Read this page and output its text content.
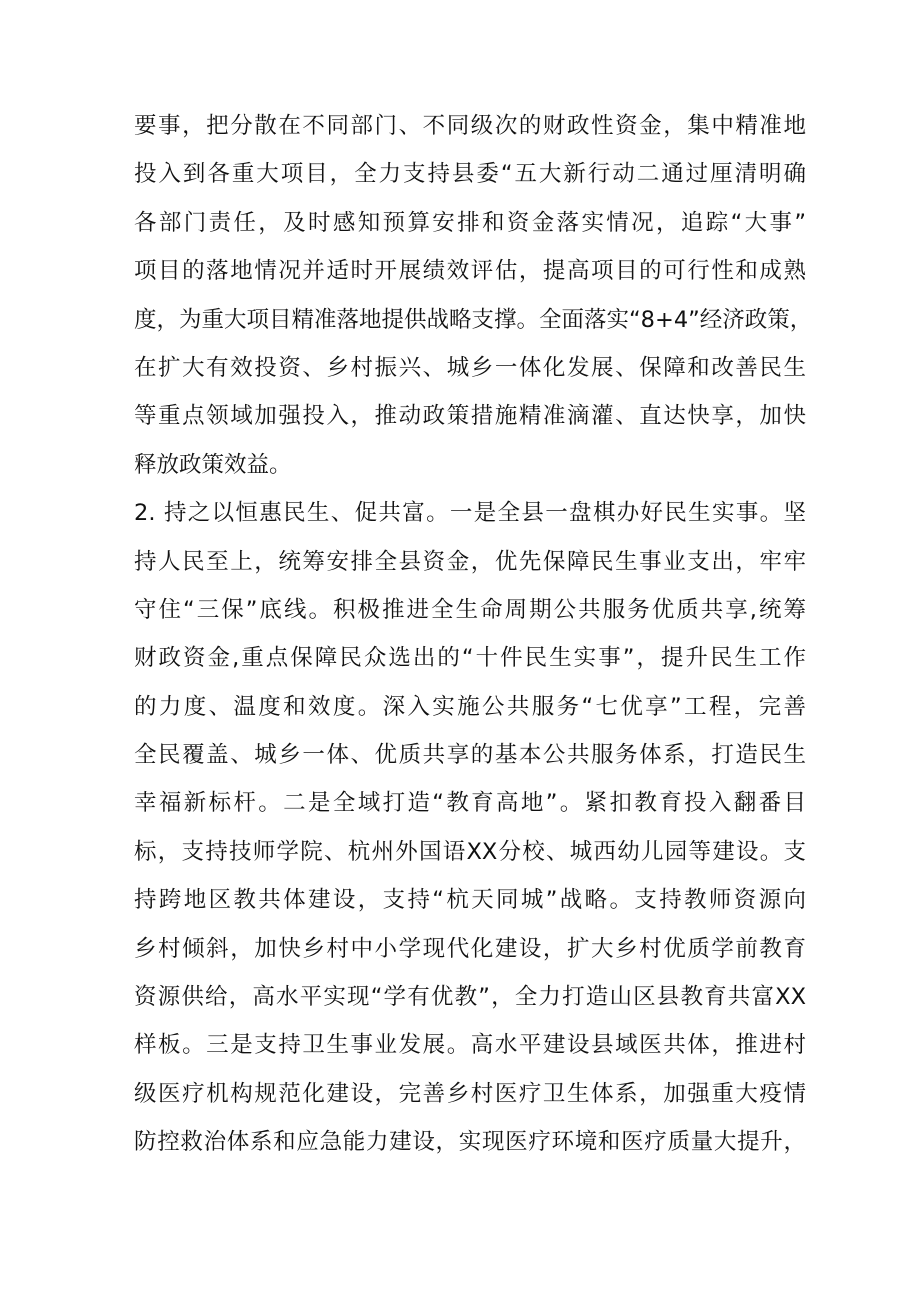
要事，把分散在不同部门、不同级次的财政性资金，集中精准地
投入到各重大项目，全力支持县委“五大新行动二通过厘清明确
各部门责任，及时感知预算安排和资金落实情况，追踪“大事”
项目的落地情况并适时开展绩效评估，提高项目的可行性和成熟
度，为重大项目精准落地提供战略支撑。全面落实“8+4”经济政策，
在扩大有效投资、乡村振兴、城乡一体化发展、保障和改善民生
等重点领域加强投入，推动政策措施精准滴灌、直达快享，加快
释放政策效益。
2. 持之以恒惠民生、促共富。一是全县一盘棋办好民生实事。坚
持人民至上，统筹安排全县资金，优先保障民生事业支出，牢牢
守住“三保”底线。积极推进全生命周期公共服务优质共享,统筹
财政资金,重点保障民众选出的“十件民生实事”，提升民生工作
的力度、温度和效度。深入实施公共服务“七优享”工程，完善
全民覆盖、城乡一体、优质共享的基本公共服务体系，打造民生
幸福新标杆。二是全域打造“教育高地”。紧扣教育投入翻番目
标，支持技师学院、杭州外国语XX分校、城西幼儿园等建设。支
持跨地区教共体建设，支持“杭天同城”战略。支持教师资源向
乡村倾斜，加快乡村中小学现代化建设，扩大乡村优质学前教育
资源供给，高水平实现“学有优教”，全力打造山区县教育共富XX
样板。三是支持卫生事业发展。高水平建设县域医共体，推进村
级医疗机构规范化建设，完善乡村医疗卫生体系，加强重大疫情
防控救治体系和应急能力建设，实现医疗环境和医疗质量大提升，
